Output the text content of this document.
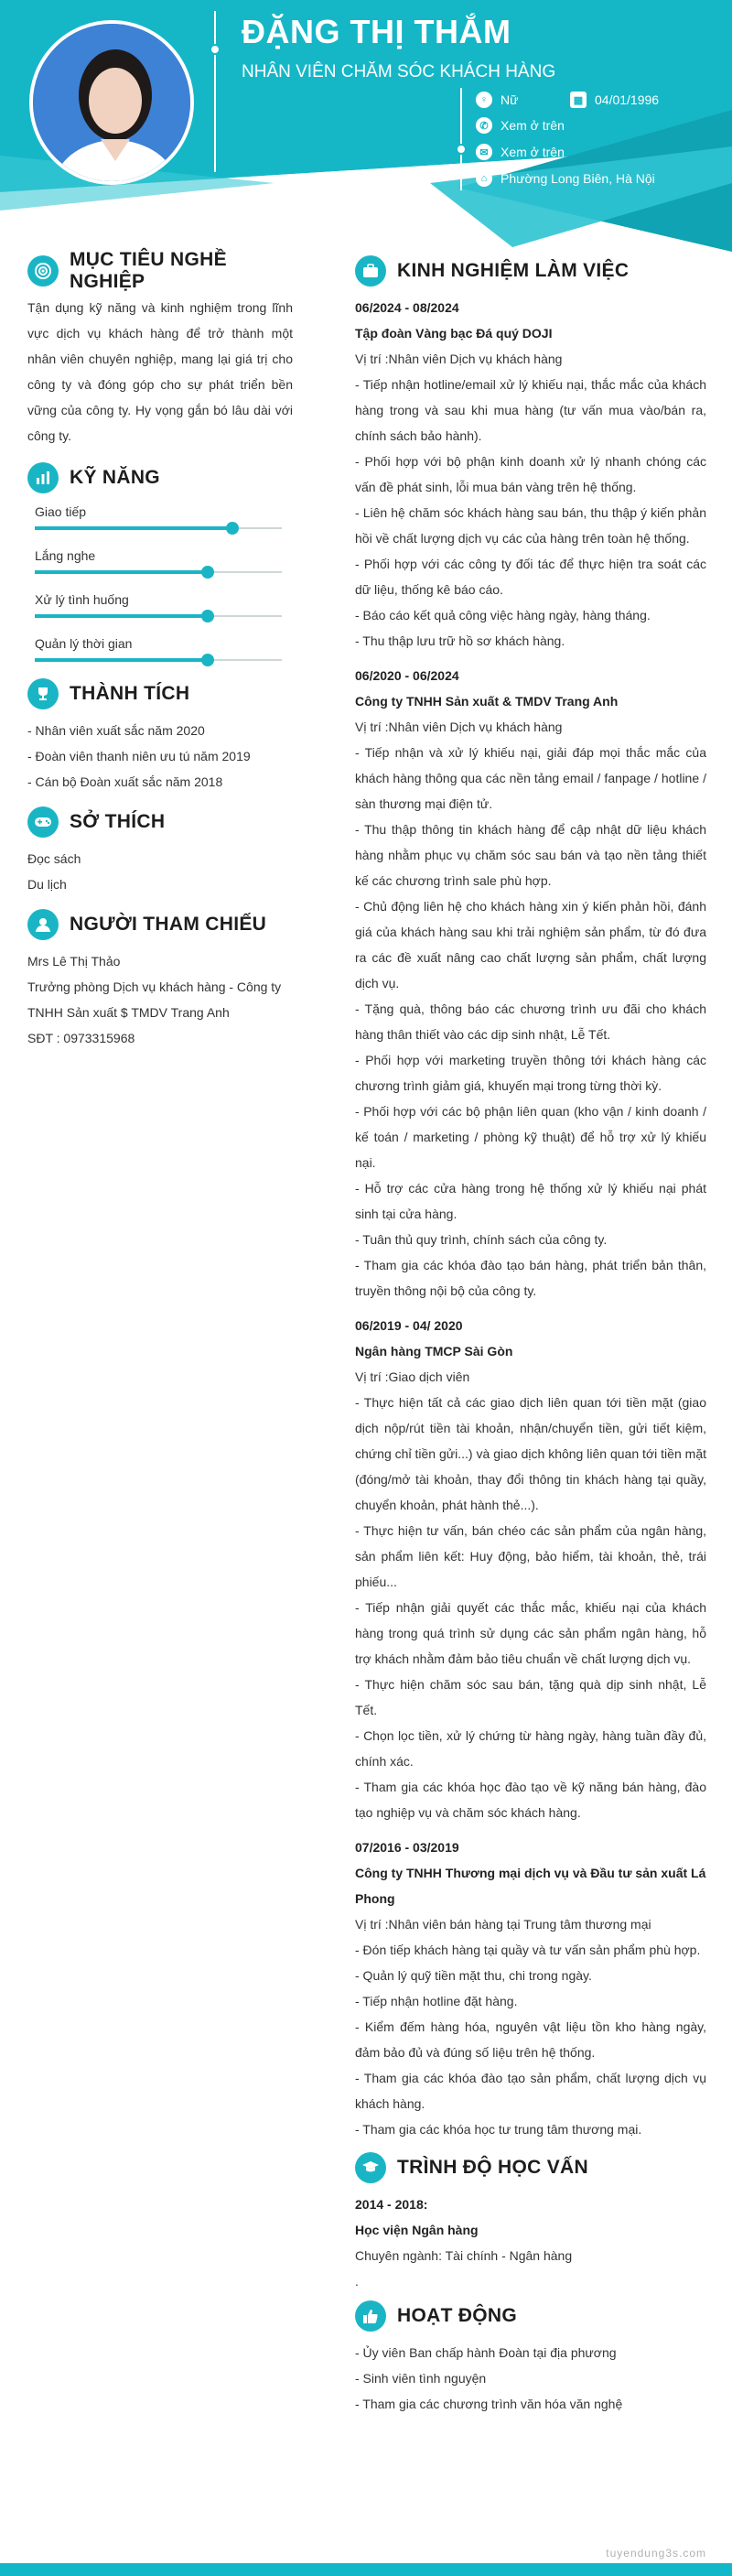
ĐẶNG THỊ THẮM
NHÂN VIÊN CHĂM SÓC KHÁCH HÀNG
♀ Nữ	▦ 04/01/1996
✆ Xem ở trên
✉ Xem ở trên
⌂	Phường Long Biên, Hà Nội
MỤC TIÊU NGHỀ NGHIỆP
Tận dụng kỹ năng và kinh nghiệm trong lĩnh vực dịch vụ khách hàng để trở thành một nhân viên chuyên nghiệp, mang lại giá trị cho công ty và đóng góp cho sự phát triển bền vững của công ty. Hy vọng gắn bó lâu dài với công ty.
KỸ NĂNG
Giao tiếp
Lắng nghe
Xử lý tình huống
Quản lý thời gian
THÀNH TÍCH
- Nhân viên xuất sắc năm 2020
- Đoàn viên thanh niên ưu tú năm 2019
- Cán bộ Đoàn xuất sắc năm 2018
SỞ THÍCH
Đọc sách
Du lịch
NGƯỜI THAM CHIẾU
Mrs Lê Thị Thảo
Trưởng phòng Dịch vụ khách hàng - Công ty TNHH Sản xuất $ TMDV Trang Anh
SĐT : 0973315968
KINH NGHIỆM LÀM VIỆC
06/2024 - 08/2024
Tập đoàn Vàng bạc Đá quý DOJI
Vị trí :Nhân viên Dịch vụ khách hàng
- Tiếp nhận hotline/email xử lý khiếu nại, thắc mắc của khách hàng trong và sau khi mua hàng (tư vấn mua vào/bán ra, chính sách bảo hành).
- Phối hợp với bộ phận kinh doanh xử lý nhanh chóng các vấn đề phát sinh, lỗi mua bán vàng trên hệ thống.
- Liên hệ chăm sóc khách hàng sau bán, thu thập ý kiến phản hồi về chất lượng dịch vụ các của hàng trên toàn hệ thống.
- Phối hợp với các công ty đối tác để thực hiện tra soát các dữ liệu, thống kê báo cáo.
- Báo cáo kết quả công việc hàng ngày, hàng tháng.
- Thu thập lưu trữ hồ sơ khách hàng.
06/2020 - 06/2024
Công ty TNHH Sản xuất & TMDV Trang Anh
Vị trí :Nhân viên Dịch vụ khách hàng
- Tiếp nhận và xử lý khiếu nại, giải đáp mọi thắc mắc của khách hàng thông qua các nền tảng email / fanpage / hotline / sàn thương mại điện tử.
- Thu thập thông tin khách hàng để cập nhật dữ liệu khách hàng nhằm phục vụ chăm sóc sau bán và tạo nền tảng thiết kế các chương trình sale phù hợp.
- Chủ động liên hệ cho khách hàng xin ý kiến phản hồi, đánh giá của khách hàng sau khi trải nghiệm sản phẩm, từ đó đưa ra các đề xuất nâng cao chất lượng sản phẩm, chất lượng dịch vụ.
- Tặng quà, thông báo các chương trình ưu đãi cho khách hàng thân thiết vào các dịp sinh nhật, Lễ Tết.
- Phối hợp với marketing truyền thông tới khách hàng các chương trình giảm giá, khuyến mại trong từng thời kỳ.
- Phối hợp với các bộ phận liên quan (kho vận / kinh doanh / kế toán / marketing / phòng kỹ thuật) để hỗ trợ xử lý khiếu nại.
- Hỗ trợ các cửa hàng trong hệ thống xử lý khiếu nại phát sinh tại cửa hàng.
- Tuân thủ quy trình, chính sách của công ty.
- Tham gia các khóa đào tạo bán hàng, phát triển bản thân, truyền thông nội bộ của công ty.
06/2019 - 04/ 2020
Ngân hàng TMCP Sài Gòn
Vị trí :Giao dịch viên
- Thực hiện tất cả các giao dịch liên quan tới tiền mặt (giao dịch nộp/rút tiền tài khoản, nhận/chuyển tiền, gửi tiết kiệm, chứng chỉ tiền gửi...) và giao dịch không liên quan tới tiền mặt (đóng/mở tài khoản, thay đổi thông tin khách hàng tại quầy, chuyển khoản, phát hành thẻ...).
- Thực hiện tư vấn, bán chéo các sản phẩm của ngân hàng, sản phẩm liên kết: Huy động, bảo hiểm, tài khoản, thẻ, trái phiếu...
- Tiếp nhận giải quyết các thắc mắc, khiếu nại của khách hàng trong quá trình sử dụng các sản phẩm ngân hàng, hỗ trợ khách nhằm đảm bảo tiêu chuẩn về chất lượng dịch vụ.
- Thực hiện chăm sóc sau bán, tặng quà dịp sinh nhật, Lễ Tết.
- Chọn lọc tiền, xử lý chứng từ hàng ngày, hàng tuần đầy đủ, chính xác.
- Tham gia các khóa học đào tạo về kỹ năng bán hàng, đào tạo nghiệp vụ và chăm sóc khách hàng.
07/2016 - 03/2019
Công ty TNHH Thương mại dịch vụ và Đầu tư sản xuất Lá Phong
Vị trí :Nhân viên bán hàng tại Trung tâm thương mại
- Đón tiếp khách hàng tại quầy và tư vấn sản phẩm phù hợp.
- Quản lý quỹ tiền mặt thu, chi trong ngày.
- Tiếp nhận hotline đặt hàng.
- Kiểm đếm hàng hóa, nguyên vật liệu tồn kho hàng ngày, đảm bảo đủ và đúng số liệu trên hệ thống.
- Tham gia các khóa đào tạo sản phẩm, chất lượng dịch vụ khách hàng.
- Tham gia các khóa học tư trung tâm thương mại.
TRÌNH ĐỘ HỌC VẤN
2014 - 2018:
Học viện Ngân hàng
Chuyên ngành: Tài chính - Ngân hàng
.
HOẠT ĐỘNG
- Ủy viên Ban chấp hành Đoàn tại địa phương
- Sinh viên tình nguyện
- Tham gia các chương trình văn hóa văn nghệ
tuyendung3s.com
